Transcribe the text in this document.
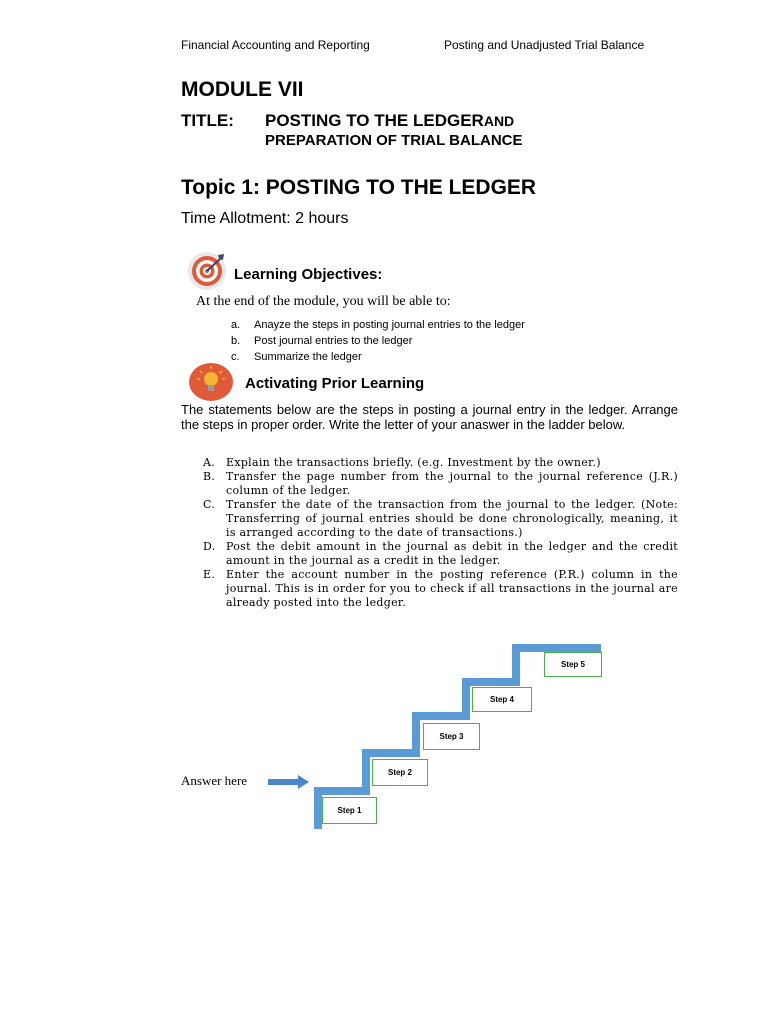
Financial Accounting and Reporting	Posting and Unadjusted Trial Balance
MODULE VII
TITLE: POSTING TO THE LEDGERAND
PREPARATION OF TRIAL BALANCE
Topic 1: POSTING TO THE LEDGER
Time Allotment: 2 hours
Learning Objectives:
At the end of the module, you will be able to:
a. Anayze the steps in posting journal entries to the ledger
b. Post journal entries to the ledger
c. Summarize the ledger
Activating Prior Learning
The statements below are the steps in posting a journal entry in the ledger. Arrange the steps in proper order. Write the letter of your anaswer in the ladder below.
A. Explain the transactions briefly. (e.g. Investment by the owner.)
B. Transfer the page number from the journal to the journal reference (J.R.) column of the ledger.
C. Transfer the date of the transaction from the journal to the ledger. (Note: Transferring of journal entries should be done chronologically, meaning, it is arranged according to the date of transactions.)
D. Post the debit amount in the journal as debit in the ledger and the credit amount in the journal as a credit in the ledger.
E. Enter the account number in the posting reference (P.R.) column in the journal. This is in order for you to check if all transactions in the journal are already posted into the ledger.
Step 1
Step 2
Step 3
Step 4
Step 5
Answer here
